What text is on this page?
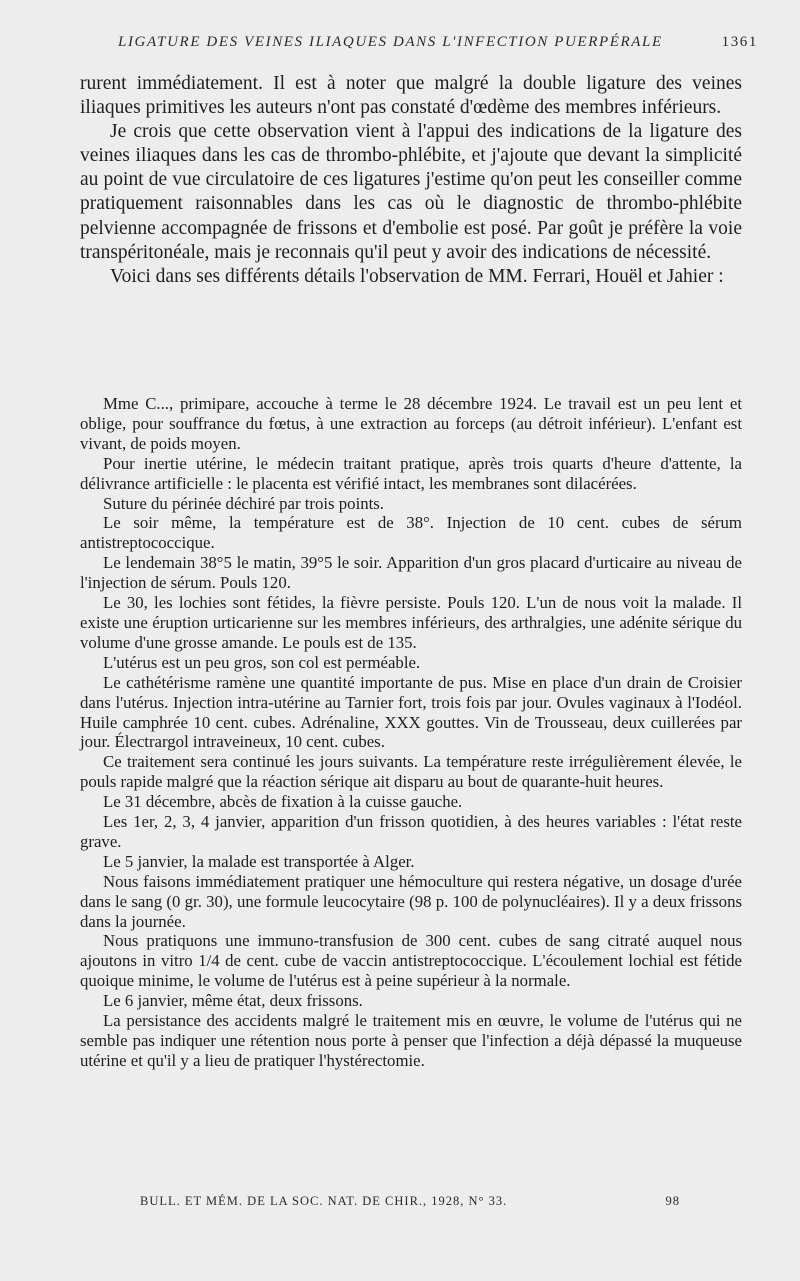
LIGATURE DES VEINES ILIAQUES DANS L'INFECTION PUERPÉRALE	1361

rurent immédiatement. Il est à noter que malgré la double ligature des veines iliaques primitives les auteurs n'ont pas constaté d'œdème des membres inférieurs.

Je crois que cette observation vient à l'appui des indications de la ligature des veines iliaques dans les cas de thrombo-phlébite, et j'ajoute que devant la simplicité au point de vue circulatoire de ces ligatures j'estime qu'on peut les conseiller comme pratiquement raisonnables dans les cas où le diagnostic de thrombo-phlébite pelvienne accompagnée de frissons et d'embolie est posé. Par goût je préfère la voie transpéritonéale, mais je reconnais qu'il peut y avoir des indications de nécessité.

Voici dans ses différents détails l'observation de MM. Ferrari, Houël et Jahier :

Mme C..., primipare, accouche à terme le 28 décembre 1924. Le travail est un peu lent et oblige, pour souffrance du fœtus, à une extraction au forceps (au détroit inférieur). L'enfant est vivant, de poids moyen.

Pour inertie utérine, le médecin traitant pratique, après trois quarts d'heure d'attente, la délivrance artificielle : le placenta est vérifié intact, les membranes sont dilacérées.

Suture du périnée déchiré par trois points.

Le soir même, la température est de 38°. Injection de 10 cent. cubes de sérum antistreptococcique.

Le lendemain 38°5 le matin, 39°5 le soir. Apparition d'un gros placard d'urticaire au niveau de l'injection de sérum. Pouls 120.

Le 30, les lochies sont fétides, la fièvre persiste. Pouls 120. L'un de nous voit la malade. Il existe une éruption urticarienne sur les membres inférieurs, des arthralgies, une adénite sérique du volume d'une grosse amande. Le pouls est de 135.

L'utérus est un peu gros, son col est perméable.

Le cathétérisme ramène une quantité importante de pus. Mise en place d'un drain de Croisier dans l'utérus. Injection intra-utérine au Tarnier fort, trois fois par jour. Ovules vaginaux à l'Iodéol. Huile camphrée 10 cent. cubes. Adrénaline, XXX gouttes. Vin de Trousseau, deux cuillerées par jour. Électrargol intraveineux, 10 cent. cubes.

Ce traitement sera continué les jours suivants. La température reste irrégulièrement élevée, le pouls rapide malgré que la réaction sérique ait disparu au bout de quarante-huit heures.

Le 31 décembre, abcès de fixation à la cuisse gauche.

Les 1er, 2, 3, 4 janvier, apparition d'un frisson quotidien, à des heures variables : l'état reste grave.

Le 5 janvier, la malade est transportée à Alger.

Nous faisons immédiatement pratiquer une hémoculture qui restera négative, un dosage d'urée dans le sang (0 gr. 30), une formule leucocytaire (98 p. 100 de polynucléaires). Il y a deux frissons dans la journée.

Nous pratiquons une immuno-transfusion de 300 cent. cubes de sang citraté auquel nous ajoutons in vitro 1/4 de cent. cube de vaccin antistreptococcique. L'écoulement lochial est fétide quoique minime, le volume de l'utérus est à peine supérieur à la normale.

Le 6 janvier, même état, deux frissons.

La persistance des accidents malgré le traitement mis en œuvre, le volume de l'utérus qui ne semble pas indiquer une rétention nous porte à penser que l'infection a déjà dépassé la muqueuse utérine et qu'il y a lieu de pratiquer l'hystérectomie.

BULL. ET MÉM. DE LA SOC. NAT. DE CHIR., 1928, N° 33.	98
